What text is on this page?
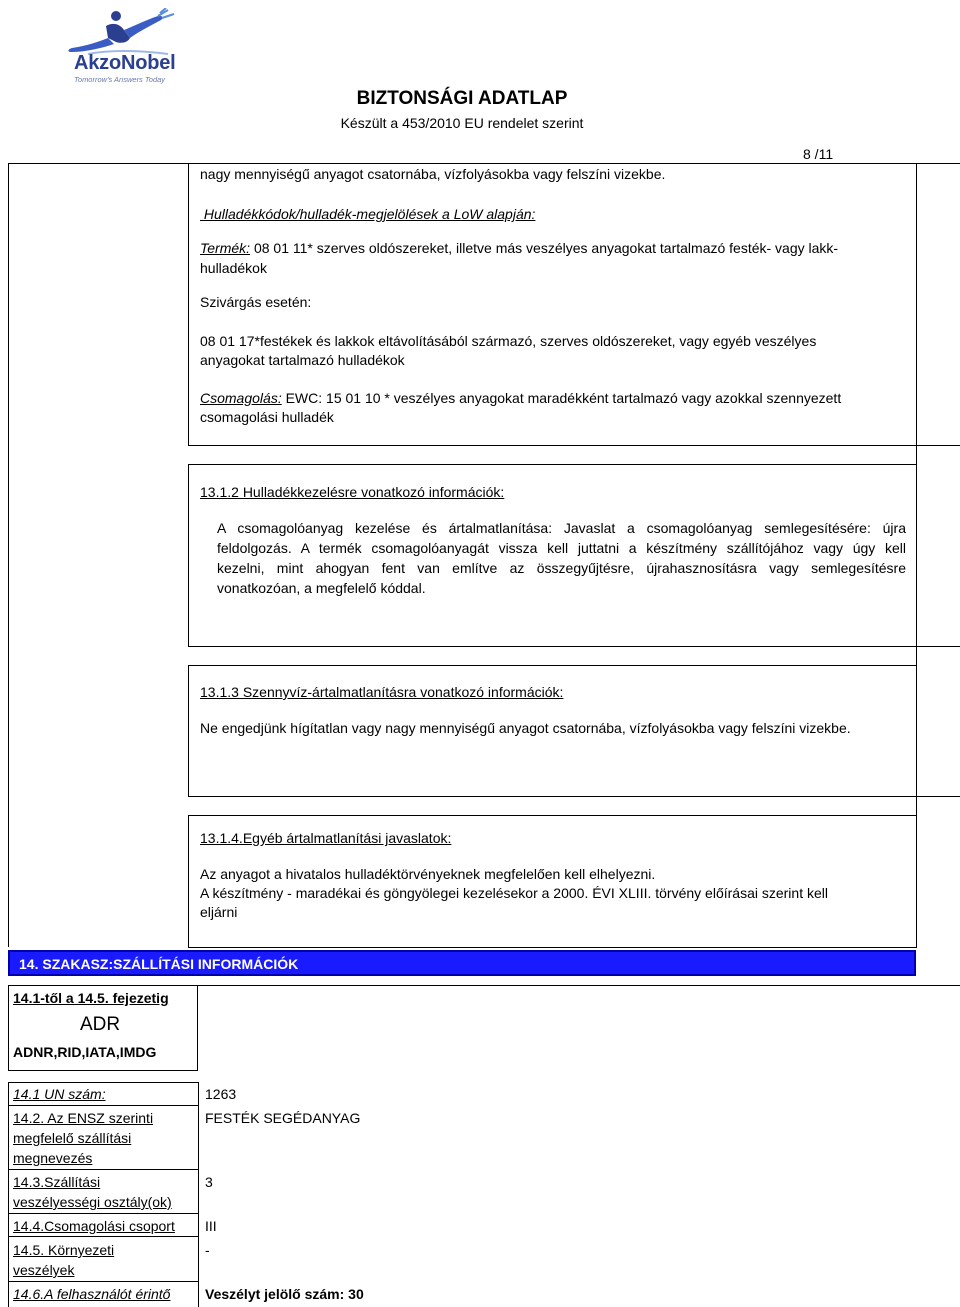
AkzoNobel
Tomorrow's Answers Today
BIZTONSÁGI ADATLAP
Készült a 453/2010 EU rendelet szerint
8 /11
nagy mennyiségű anyagot csatornába, vízfolyásokba vagy felszíni vizekbe.
Hulladékkódok/hulladék-megjelölések a LoW alapján:
Termék: 08 01 11* szerves oldószereket, illetve más veszélyes anyagokat tartalmazó festék- vagy lakk-
hulladékok
Szivárgás esetén:
08 01 17*festékek és lakkok eltávolításából származó, szerves oldószereket, vagy egyéb veszélyes
anyagokat tartalmazó hulladékok
Csomagolás: EWC: 15 01 10 * veszélyes anyagokat maradékként tartalmazó vagy azokkal szennyezett
csomagolási hulladék
13.1.2 Hulladékkezelésre vonatkozó információk:
A csomagolóanyag kezelése és ártalmatlanítása: Javaslat a csomagolóanyag semlegesítésére: újra
feldolgozás. A termék csomagolóanyagát vissza kell juttatni a készítmény szállítójához vagy úgy kell
kezelni, mint ahogyan fent van említve az összegyűjtésre, újrahasznosításra vagy semlegesítésre
vonatkozóan, a megfelelő kóddal.
13.1.3 Szennyvíz-ártalmatlanításra vonatkozó információk:
Ne engedjünk hígítatlan vagy nagy mennyiségű anyagot csatornába, vízfolyásokba vagy felszíni vizekbe.
13.1.4.Egyéb ártalmatlanítási javaslatok:
Az anyagot a hivatalos hulladéktörvényeknek megfelelően kell elhelyezni.
A készítmény - maradékai és göngyölegei kezelésekor a 2000. ÉVI XLIII. törvény előírásai szerint kell
eljárni
14. SZAKASZ:SZÁLLÍTÁSI INFORMÁCIÓK
14.1-től a 14.5. fejezetig
ADR
ADNR,RID,IATA,IMDG
14.1 UN szám:	1263
14.2. Az ENSZ szerinti
megfelelő szállítási
megnevezés
FESTÉK SEGÉDANYAG
14.3.Szállítási
veszélyességi osztály(ok)
3
14.4.Csomagolási csoport III
14.5. Környezeti
veszélyek
-
14.6.A felhasználót érintő Veszélyt jelölő szám: 30
